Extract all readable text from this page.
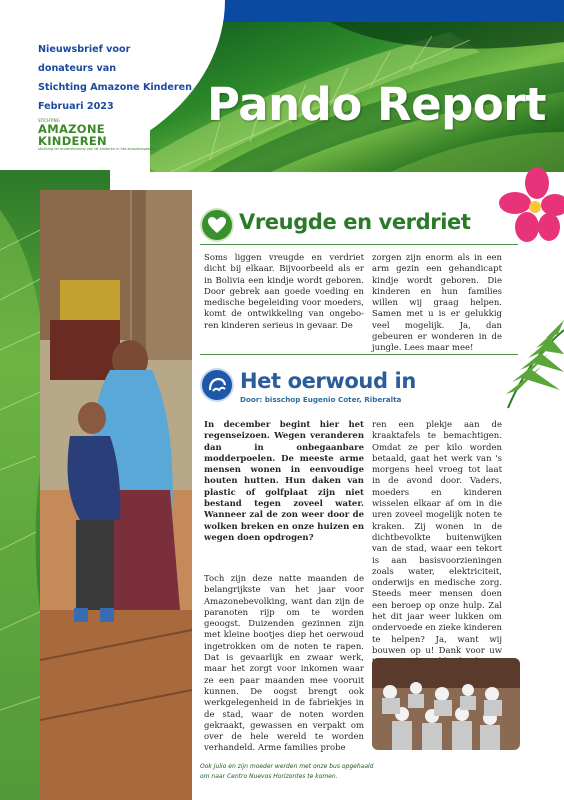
Nieuwsbrief voor
donateurs van
Stichting Amazone Kinderen
Februari 2023
STICHTING
AMAZONE KINDEREN
stichting ter ondersteuning van de kinderen in het amazonegebied
Pando Report
Ook Julio en zijn moeder werden met onze bus opgehaald
om naar Centro Nuevos Horizontes te komen.
Vreugde en verdriet

Soms liggen vreugde en verdriet dicht bij elkaar. Bijvoorbeeld als er in Bolivia een kindje wordt geboren. Door gebrek aan goede voeding en medische begeleiding voor moeders, komt de ontwikkeling van ongeboren kinderen serieus in gevaar. De

zorgen zijn enorm als in een arm gezin een gehandicapt kindje wordt geboren. Die kinderen en hun families willen wij graag helpen. Samen met u is er gelukkig veel mogelijk. Ja, dan gebeuren er wonderen in de jungle. Lees maar mee!

Het oerwoud in
Door: bisschop Eugenio Coter, Riberalta

In december begint hier het regenseizoen. Wegen veranderen dan in onbegaanbare modderpoelen. De meeste arme mensen wonen in eenvoudige houten hutten. Hun daken van plastic of golfplaat zijn niet bestand tegen zoveel water. Wanneer zal de zon weer door de wolken breken en onze huizen en wegen doen opdrogen?

Toch zijn deze natte maanden de belangrijkste van het jaar voor Amazonebevolking, want dan zijn de paranoten rijp om te worden geoogst. Duizenden gezinnen zijn met kleine bootjes diep het oerwoud ingetrokken om de noten te rapen. Dat is gevaarlijk en zwaar werk, maar het zorgt voor inkomen waar ze een paar maanden mee vooruit kunnen. De oogst brengt ook werkgelegenheid in de fabriekjes in de stad, waar de noten worden gekraakt, gewassen en verpakt om over de hele wereld te worden verhandeld. Arme families probe

ren een plekje aan de kraaktafels te bemachtigen. Omdat ze per kilo worden betaald, gaat het werk van 's morgens heel vroeg tot laat in de avond door. Vaders, moeders en kinderen wisselen elkaar af om in die uren zoveel mogelijk noten te kraken. Zij wonen in de dichtbevolkte buitenwijken van de stad, waar een tekort is aan basisvoorzieningen zoals water, elektriciteit, onderwijs en medische zorg. Steeds meer mensen doen een beroep op onze hulp. Zal het dit jaar weer lukken om ondervoede en zieke kinderen te helpen? Ja, want wij bouwen op u! Dank voor uw
